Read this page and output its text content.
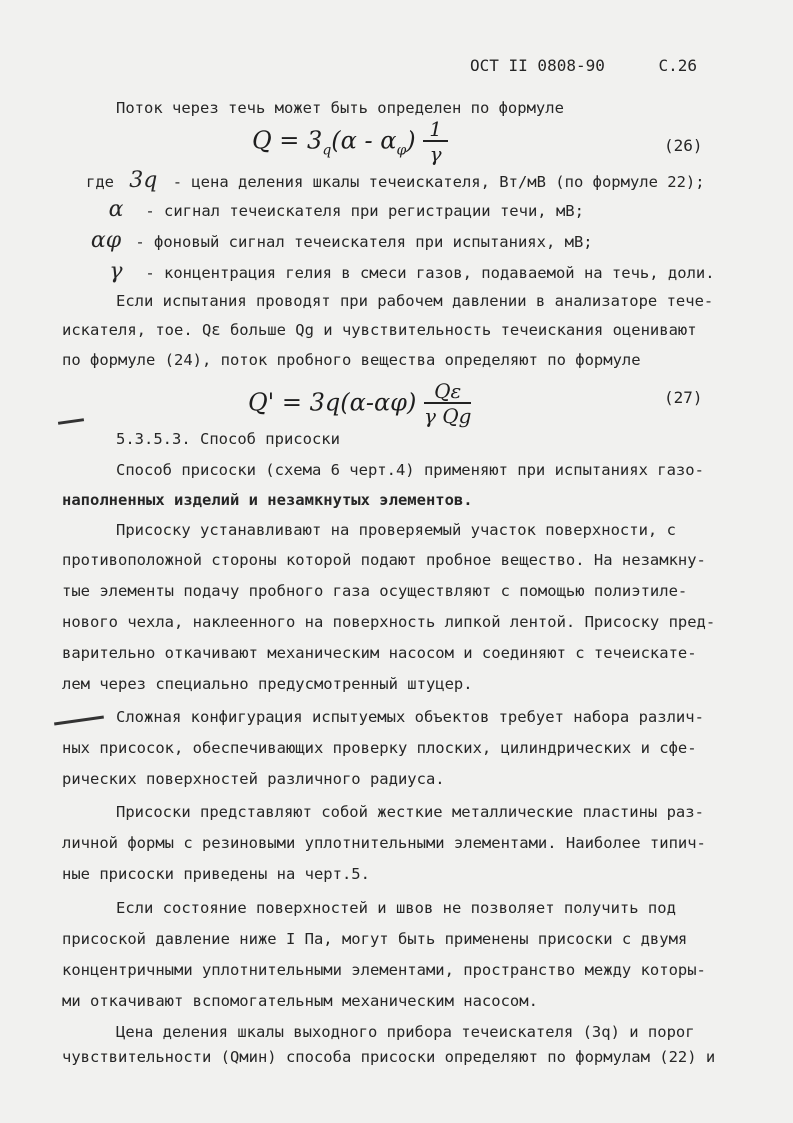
ОСТ II 0808-90	С.26

Поток через течь может быть определен по формуле

$Q = 3_q(\alpha - \alpha_\varphi) \frac{1}{\gamma}$	(26)
где 3q - цена деления шкалы течеискателя, Вт/мВ (по формуле 22);
α - сигнал течеискателя при регистрации течи, мВ;
αφ - фоновый сигнал течеискателя при испытаниях, мВ;
γ - концентрация гелия в смеси газов, подаваемой на течь, доли.

Если испытания проводят при рабочем давлении в анализаторе тече-

искателя, тое. Qε больше Qg и чувствительность течеискания оценивают

по формуле (24), поток пробного вещества определяют по формуле

$Q' = 3q(\alpha-\alpha\varphi) \frac{Q\varepsilon}{\text{γ Qg}}$	(27)

5.3.5.3. Способ присоски

Способ присоски (схема 6 черт.4) применяют при испытаниях газо-

наполненных изделий и незамкнутых элементов.

Присоску устанавливают на проверяемый участок поверхности, с

противоположной стороны которой подают пробное вещество. На незамкну-

тые элементы подачу пробного газа осуществляют с помощью полиэтиле-

нового чехла, наклеенного на поверхность липкой лентой. Присоску пред-

варительно откачивают механическим насосом и соединяют с течеискате-

лем через специально предусмотренный штуцер.

Сложная конфигурация испытуемых объектов требует набора различ-

ных присосок, обеспечивающих проверку плоских, цилиндрических и сфе-

рических поверхностей различного радиуса.

Присоски представляют собой жесткие металлические пластины раз-

личной формы с резиновыми уплотнительными элементами. Наиболее типич-

ные присоски приведены на черт.5.

Если состояние поверхностей и швов не позволяет получить под

присоской давление ниже I Па, могут быть применены присоски с двумя

концентричными уплотнительными элементами, пространство между которы-

ми откачивают вспомогательным механическим насосом.

Цена деления шкалы выходного прибора течеискателя (3q) и порог

чувствительности (Qмин) способа присоски определяют по формулам (22) и
